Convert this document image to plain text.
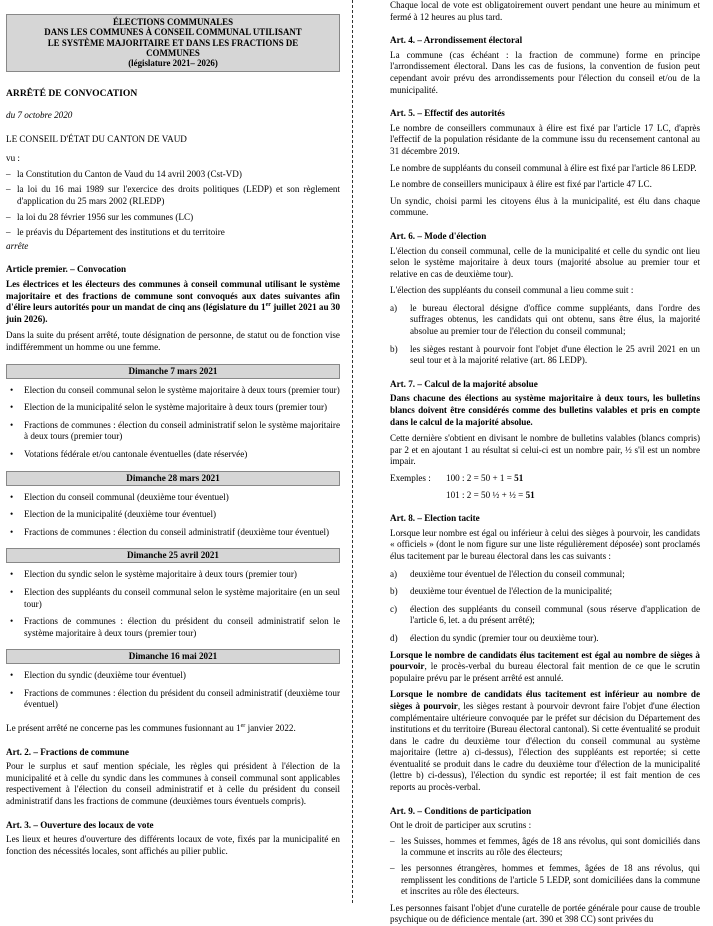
ÉLECTIONS COMMUNALES
DANS LES COMMUNES À CONSEIL COMMUNAL UTILISANT
LE SYSTÈME MAJORITAIRE ET DANS LES FRACTIONS DE
COMMUNES
(législature 2021– 2026)

ARRÊTÉ DE CONVOCATION

du 7 octobre 2020

LE CONSEIL D'ÉTAT DU CANTON DE VAUD

vu :

– la Constitution du Canton de Vaud du 14 avril 2003 (Cst-VD)

– la loi du 16 mai 1989 sur l'exercice des droits politiques (LEDP) et son règlement d'application du 25 mars 2002 (RLEDP)

– la loi du 28 février 1956 sur les communes (LC)

– le préavis du Département des institutions et du territoire

arrête

Article premier. – Convocation

Les électrices et les électeurs des communes à conseil communal utilisant le système majoritaire et des fractions de commune sont convoqués aux dates suivantes afin d'élire leurs autorités pour un mandat de cinq ans (législature du 1er juillet 2021 au 30 juin 2026).

Dans la suite du présent arrêté, toute désignation de personne, de statut ou de fonction vise indifféremment un homme ou une femme.

Dimanche 7 mars 2021

• Election du conseil communal selon le système majoritaire à deux tours (premier tour)

• Election de la municipalité selon le système majoritaire à deux tours (premier tour)

• Fractions de communes : élection du conseil administratif selon le système majoritaire à deux tours (premier tour)

• Votations fédérale et/ou cantonale éventuelles (date réservée)

Dimanche 28 mars 2021

• Election du conseil communal (deuxième tour éventuel)

• Election de la municipalité (deuxième tour éventuel)

• Fractions de communes : élection du conseil administratif (deuxième tour éventuel)

Dimanche 25 avril 2021

• Election du syndic selon le système majoritaire à deux tours (premier tour)

• Election des suppléants du conseil communal selon le système majoritaire (en un seul tour)

• Fractions de communes : élection du président du conseil administratif selon le système majoritaire à deux tours (premier tour)

Dimanche 16 mai 2021

• Election du syndic (deuxième tour éventuel)

• Fractions de communes : élection du président du conseil administratif (deuxième tour éventuel)

Le présent arrêté ne concerne pas les communes fusionnant au 1er janvier 2022.

Art. 2. – Fractions de commune

Pour le surplus et sauf mention spéciale, les règles qui président à l'élection de la municipalité et à celle du syndic dans les communes à conseil communal sont applicables respectivement à l'élection du conseil administratif et à celle du président du conseil administratif dans les fractions de commune (deuxièmes tours éventuels compris).

Art. 3. – Ouverture des locaux de vote

Les lieux et heures d'ouverture des différents locaux de vote, fixés par la municipalité en fonction des nécessités locales, sont affichés au pilier public.

Chaque local de vote est obligatoirement ouvert pendant une heure au minimum et fermé à 12 heures au plus tard.

Art. 4. – Arrondissement électoral

La commune (cas échéant : la fraction de commune) forme en principe l'arrondissement électoral. Dans les cas de fusions, la convention de fusion peut cependant avoir prévu des arrondissements pour l'élection du conseil et/ou de la municipalité.

Art. 5. – Effectif des autorités

Le nombre de conseillers communaux à élire est fixé par l'article 17 LC, d'après l'effectif de la population résidante de la commune issu du recensement cantonal au 31 décembre 2019.

Le nombre de suppléants du conseil communal à élire est fixé par l'article 86 LEDP.

Le nombre de conseillers municipaux à élire est fixé par l'article 47 LC.

Un syndic, choisi parmi les citoyens élus à la municipalité, est élu dans chaque commune.

Art. 6. – Mode d'élection

L'élection du conseil communal, celle de la municipalité et celle du syndic ont lieu selon le système majoritaire à deux tours (majorité absolue au premier tour et relative en cas de deuxième tour).

L'élection des suppléants du conseil communal a lieu comme suit :

a) le bureau électoral désigne d'office comme suppléants, dans l'ordre des suffrages obtenus, les candidats qui ont obtenu, sans être élus, la majorité absolue au premier tour de l'élection du conseil communal;

b) les sièges restant à pourvoir font l'objet d'une élection le 25 avril 2021 en un seul tour et à la majorité relative (art. 86 LEDP).

Art. 7. – Calcul de la majorité absolue

Dans chacune des élections au système majoritaire à deux tours, les bulletins blancs doivent être considérés comme des bulletins valables et pris en compte dans le calcul de la majorité absolue.

Cette dernière s'obtient en divisant le nombre de bulletins valables (blancs compris) par 2 et en ajoutant 1 au résultat si celui-ci est un nombre pair, ½ s'il est un nombre impair.

Exemples : 100 : 2 = 50 + 1 = 51

101 : 2 = 50 ½ + ½ = 51

Art. 8. – Election tacite

Lorsque leur nombre est égal ou inférieur à celui des sièges à pourvoir, les candidats « officiels » (dont le nom figure sur une liste régulièrement déposée) sont proclamés élus tacitement par le bureau électoral dans les cas suivants :

a) deuxième tour éventuel de l'élection du conseil communal;

b) deuxième tour éventuel de l'élection de la municipalité;

c) élection des suppléants du conseil communal (sous réserve d'application de l'article 6, let. a du présent arrêté);

d) élection du syndic (premier tour ou deuxième tour).

Lorsque le nombre de candidats élus tacitement est égal au nombre de sièges à pourvoir, le procès-verbal du bureau électoral fait mention de ce que le scrutin populaire prévu par le présent arrêté est annulé.

Lorsque le nombre de candidats élus tacitement est inférieur au nombre de sièges à pourvoir, les sièges restant à pourvoir devront faire l'objet d'une élection complémentaire ultérieure convoquée par le préfet sur décision du Département des institutions et du territoire (Bureau électoral cantonal). Si cette éventualité se produit dans le cadre du deuxième tour d'élection du conseil communal au système majoritaire (lettre a) ci-dessus), l'élection des suppléants est reportée; si cette éventualité se produit dans le cadre du deuxième tour d'élection de la municipalité (lettre b) ci-dessus), l'élection du syndic est reportée; il est fait mention de ces reports au procès-verbal.

Art. 9. – Conditions de participation

Ont le droit de participer aux scrutins :

– les Suisses, hommes et femmes, âgés de 18 ans révolus, qui sont domiciliés dans la commune et inscrits au rôle des électeurs;

– les personnes étrangères, hommes et femmes, âgées de 18 ans révolus, qui remplissent les conditions de l'article 5 LEDP, sont domiciliées dans la commune et inscrites au rôle des électeurs.

Les personnes faisant l'objet d'une curatelle de portée générale pour cause de trouble psychique ou de déficience mentale (art. 390 et 398 CC) sont privées du
